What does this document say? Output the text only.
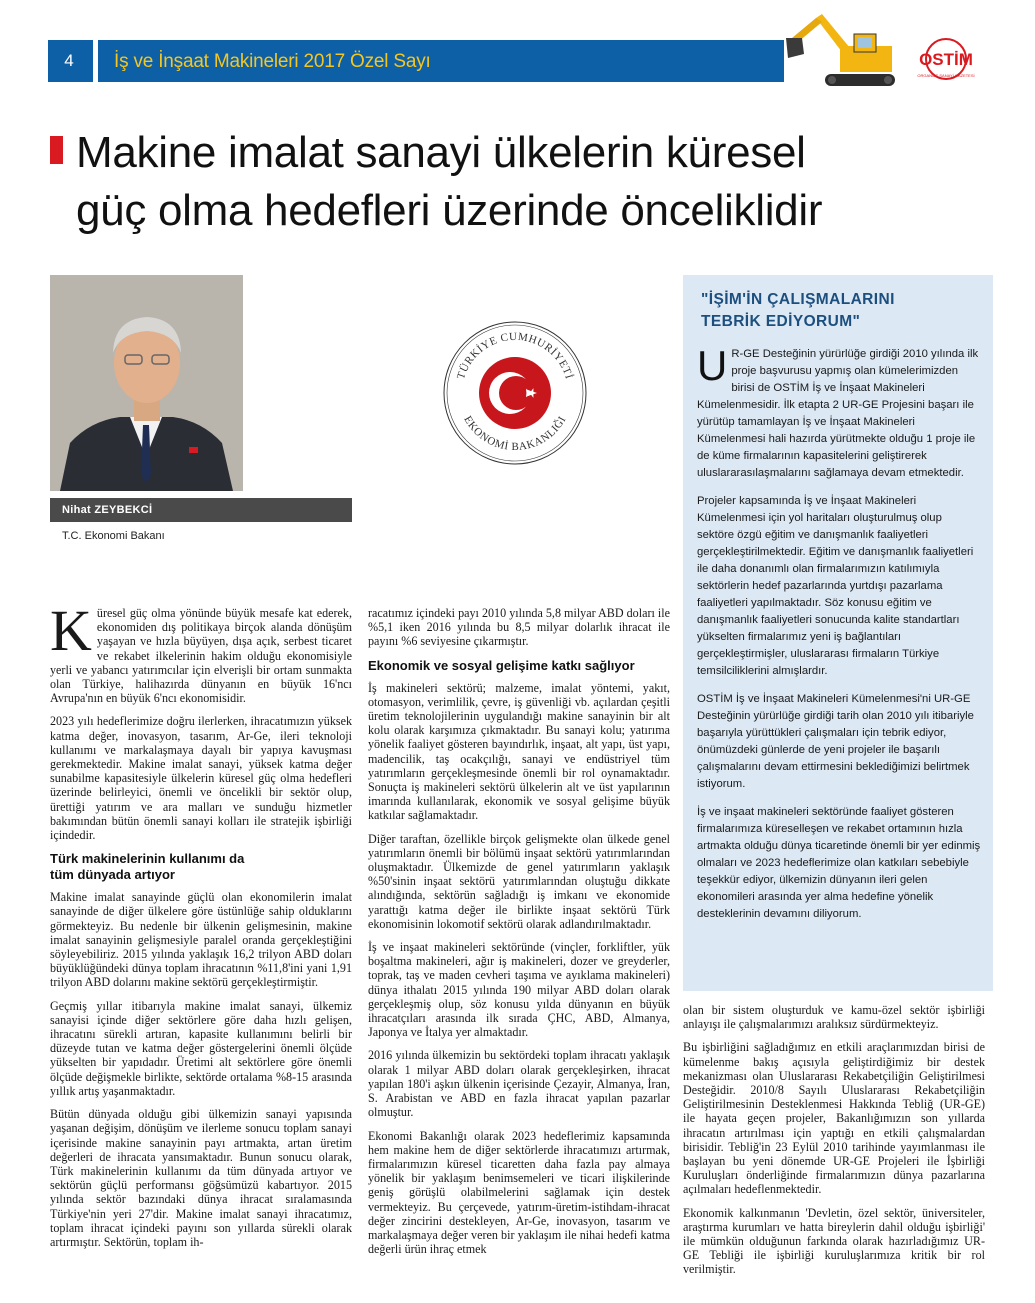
4	İş ve İnşaat Makineleri 2017 Özel Sayı	OSTİM
ORGANİZE SANAYİ GAZETESİ
Makine imalat sanayi ülkelerin küresel
güç olma hedefleri üzerinde önceliklidir
Nihat ZEYBEKCİ
T.C. Ekonomi Bakanı
TÜRKİYE CUMHURİYETİ
EKONOMİ BAKANLIĞI
"İŞİM'İN ÇALIŞMALARINI
TEBRİK EDİYORUM"

U R-GE Desteğinin yürürlüğe girdiği 2010 yılında ilk proje başvurusu yapmış olan kümelerimizden birisi de OSTİM İş ve İnşaat Makineleri Kümelenmesidir. İlk etapta 2 UR-GE Projesini başarı ile yürütüp tamamlayan İş ve İnşaat Makineleri Kümelenmesi hali hazırda yürütmekte olduğu 1 proje ile de küme firmalarının kapasitelerini geliştirerek uluslararasılaşmalarını sağlamaya devam etmektedir.

Projeler kapsamında İş ve İnşaat Makineleri Kümelenmesi için yol haritaları oluşturulmuş olup sektöre özgü eğitim ve danışmanlık faaliyetleri gerçekleştirilmektedir. Eğitim ve danışmanlık faaliyetleri ile daha donanımlı olan firmalarımızın katılımıyla sektörlerin hedef pazarlarında yurtdışı pazarlama faaliyetleri yapılmaktadır. Söz konusu eğitim ve danışmanlık faaliyetleri sonucunda kalite standartları yükselten firmalarımız yeni iş bağlantıları gerçekleştirmişler, uluslararası firmaların Türkiye temsilciliklerini almışlardır.

OSTİM İş ve İnşaat Makineleri Kümelenmesi'ni UR-GE Desteğinin yürürlüğe girdiği tarih olan 2010 yılı itibariyle başarıyla yürüttükleri çalışmaları için tebrik ediyor, önümüzdeki günlerde de yeni projeler ile başarılı çalışmalarını devam ettirmesini beklediğimizi belirtmek istiyorum.

İş ve inşaat makineleri sektöründe faaliyet gösteren firmalarımıza küreselleşen ve rekabet ortamının hızla artmakta olduğu dünya ticaretinde önemli bir yer edinmiş olmaları ve 2023 hedeflerimize olan katkıları sebebiyle teşekkür ediyor, ülkemizin dünyanın ileri gelen ekonomileri arasında yer alma hedefine yönelik desteklerinin devamını diliyorum.

Küresel güç olma yönünde büyük mesafe kat ederek, ekonomiden dış politikaya birçok alanda dönüşüm yaşayan ve hızla büyüyen, dışa açık, serbest ticaret ve rekabet ilkelerinin hakim olduğu ekonomisiyle yerli ve yabancı yatırımcılar için elverişli bir ortam sunmakta olan Türkiye, halihazırda dünyanın en büyük 16'ncı Avrupa'nın en büyük 6'ncı ekonomisidir.

2023 yılı hedeflerimize doğru ilerlerken, ihracatımızın yüksek katma değer, inovasyon, tasarım, Ar-Ge, ileri teknoloji kullanımı ve markalaşmaya dayalı bir yapıya kavuşması gerekmektedir. Makine imalat sanayi, yüksek katma değer sunabilme kapasitesiyle ülkelerin küresel güç olma hedefleri üzerinde belirleyici, önemli ve öncelikli bir sektör olup, ürettiği yatırım ve ara malları ve sunduğu hizmetler bakımından bütün önemli sanayi kolları ile stratejik işbirliği içindedir.

Türk makinelerinin kullanımı da
tüm dünyada artıyor

Makine imalat sanayinde güçlü olan ekonomilerin imalat sanayinde de diğer ülkelere göre üstünlüğe sahip olduklarını görmekteyiz. Bu nedenle bir ülkenin gelişmesinin, makine imalat sanayinin gelişmesiyle paralel oranda gerçekleştiğini söyleyebiliriz. 2015 yılında yaklaşık 16,2 trilyon ABD doları büyüklüğündeki dünya toplam ihracatının %11,8'ini yani 1,91 trilyon ABD dolarını makine sektörü gerçekleştirmiştir.

Geçmiş yıllar itibarıyla makine imalat sanayi, ülkemiz sanayisi içinde diğer sektörlere göre daha hızlı gelişen, ihracatını sürekli artıran, kapasite kullanımını belirli bir düzeyde tutan ve katma değer göstergelerini önemli ölçüde yükselten bir yapıdadır. Üretimi alt sektörlere göre önemli ölçüde değişmekle birlikte, sektörde ortalama %8-15 arasında yıllık artış yaşanmaktadır.

Bütün dünyada olduğu gibi ülkemizin sanayi yapısında yaşanan değişim, dönüşüm ve ilerleme sonucu toplam sanayi içerisinde makine sanayinin payı artmakta, artan üretim değerleri de ihracata yansımaktadır. Bunun sonucu olarak, Türk makinelerinin kullanımı da tüm dünyada artıyor ve sektörün güçlü performansı göğsümüzü kabartıyor. 2015 yılında sektör bazındaki dünya ihracat sıralamasında Türkiye'nin yeri 27'dir. Makine imalat sanayi ihracatımız, toplam ihracat içindeki payını son yıllarda sürekli olarak artırmıştır. Sektörün, toplam ih-

racatımız içindeki payı 2010 yılında 5,8 milyar ABD doları ile %5,1 iken 2016 yılında bu 8,5 milyar dolarlık ihracat ile payını %6 seviyesine çıkarmıştır.

Ekonomik ve sosyal gelişime katkı sağlıyor

İş makineleri sektörü; malzeme, imalat yöntemi, yakıt, otomasyon, verimlilik, çevre, iş güvenliği vb. açılardan çeşitli üretim teknolojilerinin uygulandığı makine sanayinin bir alt kolu olarak karşımıza çıkmaktadır. Bu sanayi kolu; yatırıma yönelik faaliyet gösteren bayındırlık, inşaat, alt yapı, üst yapı, madencilik, taş ocakçılığı, sanayi ve endüstriyel tüm yatırımların gerçekleşmesinde önemli bir rol oynamaktadır. Sonuçta iş makineleri sektörü ülkelerin alt ve üst yapılarının imarında kullanılarak, ekonomik ve sosyal gelişime büyük katkılar sağlamaktadır.

Diğer taraftan, özellikle birçok gelişmekte olan ülkede genel yatırımların önemli bir bölümü inşaat sektörü yatırımlarından oluşmaktadır. Ülkemizde de genel yatırımların yaklaşık %50'sinin inşaat sektörü yatırımlarından oluştuğu dikkate alındığında, sektörün sağladığı iş imkanı ve ekonomide yarattığı katma değer ile birlikte inşaat sektörü Türk ekonomisinin lokomotif sektörü olarak adlandırılmaktadır.

İş ve inşaat makineleri sektöründe (vinçler, forkliftler, yük boşaltma makineleri, ağır iş makineleri, dozer ve greyderler, toprak, taş ve maden cevheri taşıma ve ayıklama makineleri) dünya ithalatı 2015 yılında 190 milyar ABD doları olarak gerçekleşmiş olup, söz konusu yılda dünyanın en büyük ihracatçıları arasında ilk sırada ÇHC, ABD, Almanya, Japonya ve İtalya yer almaktadır.

2016 yılında ülkemizin bu sektördeki toplam ihracatı yaklaşık olarak 1 milyar ABD doları olarak gerçekleşirken, ihracat yapılan 180'i aşkın ülkenin içerisinde Çezayir, Almanya, İran, S. Arabistan ve ABD en fazla ihracat yapılan pazarlar olmuştur.

Ekonomi Bakanlığı olarak 2023 hedeflerimiz kapsamında hem makine hem de diğer sektörlerde ihracatımızı artırmak, firmalarımızın küresel ticaretten daha fazla pay almaya yönelik bir yaklaşım benimsemeleri ve ticari ilişkilerinde geniş görüşlü olabilmelerini sağlamak için destek vermekteyiz. Bu çerçevede, yatırım-üretim-istihdam-ihracat değer zincirini destekleyen, Ar-Ge, inovasyon, tasarım ve markalaşmaya değer veren bir yaklaşım ile nihai hedefi katma değerli ürün ihraç etmek

olan bir sistem oluşturduk ve kamu-özel sektör işbirliği anlayışı ile çalışmalarımızı aralıksız sürdürmekteyiz.

Bu işbirliğini sağladığımız en etkili araçlarımızdan birisi de kümelenme bakış açısıyla geliştirdiğimiz bir destek mekanizması olan Uluslararası Rekabetçiliğin Geliştirilmesi Desteğidir. 2010/8 Sayılı Uluslararası Rekabetçiliğin Geliştirilmesinin Desteklenmesi Hakkında Tebliğ (UR-GE) ile hayata geçen projeler, Bakanlığımızın son yıllarda ihracatın artırılması için yaptığı en etkili çalışmalardan birisidir. Tebliğ'in 23 Eylül 2010 tarihinde yayımlanması ile başlayan bu yeni dönemde UR-GE Projeleri ile İşbirliği Kuruluşları önderliğinde firmalarımızın dünya pazarlarına açılmaları hedeflenmektedir.

Ekonomik kalkınmanın 'Devletin, özel sektör, üniversiteler, araştırma kurumları ve hatta bireylerin dahil olduğu işbirliği' ile mümkün olduğunun farkında olarak hazırladığımız UR-GE Tebliği ile işbirliği kuruluşlarımıza kritik bir rol verilmiştir.
